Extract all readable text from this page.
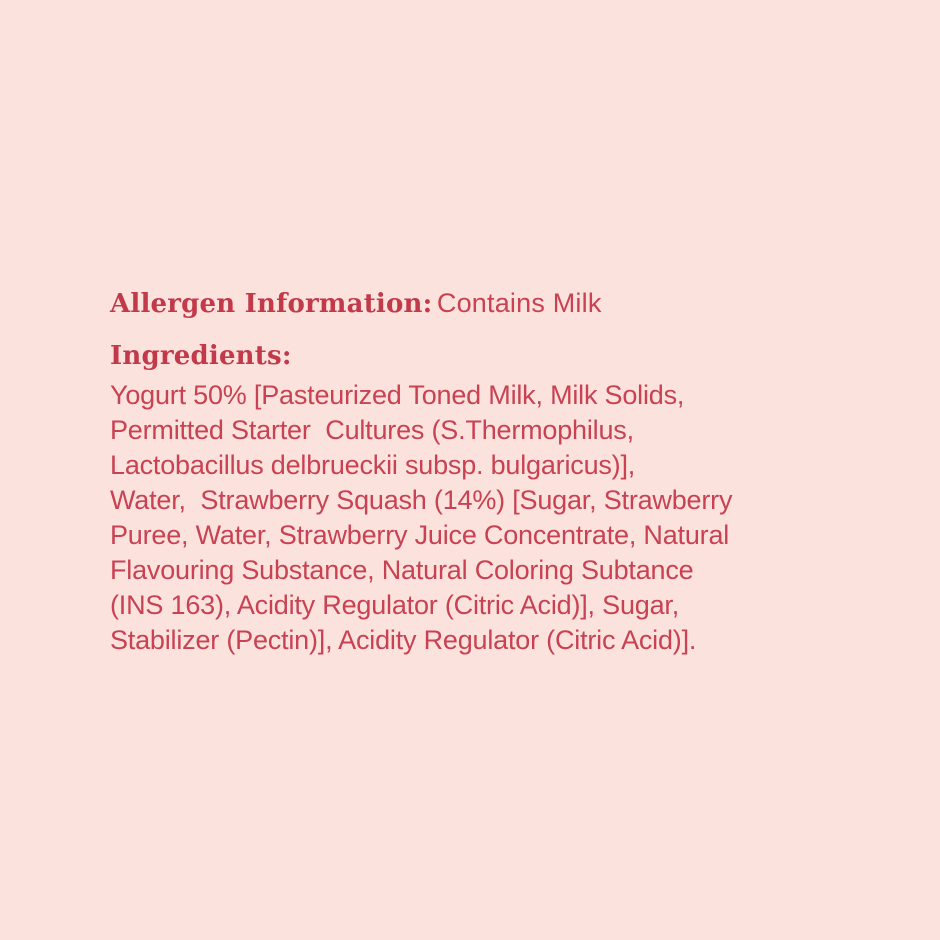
Allergen Information: Contains Milk
Ingredients:
Yogurt 50% [Pasteurized Toned Milk, Milk Solids,
Permitted Starter  Cultures (S.Thermophilus,
Lactobacillus delbrueckii subsp. bulgaricus)],
Water,  Strawberry Squash (14%) [Sugar, Strawberry
Puree, Water, Strawberry Juice Concentrate, Natural
Flavouring Substance, Natural Coloring Subtance
(INS 163), Acidity Regulator (Citric Acid)], Sugar,
Stabilizer (Pectin)], Acidity Regulator (Citric Acid)].
